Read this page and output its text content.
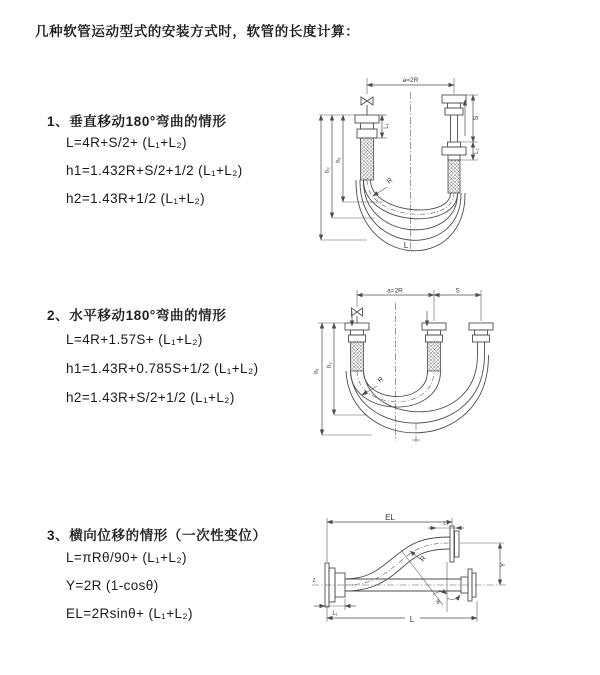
几种软管运动型式的安装方式时，软管的长度计算：
1、垂直移动180°弯曲的情形
L=4R+S/2+ (L₁+L₂)
h1=1.432R+S/2+1/2 (L₁+L₂)
h2=1.43R+1/2 (L₁+L₂)
2、水平移动180°弯曲的情形
L=4R+1.57S+ (L₁+L₂)
h1=1.43R+0.785S+1/2 (L₁+L₂)
h2=1.43R+S/2+1/2 (L₁+L₂)
3、横向位移的情形（一次性变位）
L=πRθ/90+ (L₁+L₂)
Y=2R (1-cosθ)
EL=2Rsinθ+ (L₁+L₂)
a=2R
R
h₁
h₂
L₁
S
L₂
L
a=2R	S
R
h₂
h₁
z
EL
L₂
Y
R
θ
L
L₁
